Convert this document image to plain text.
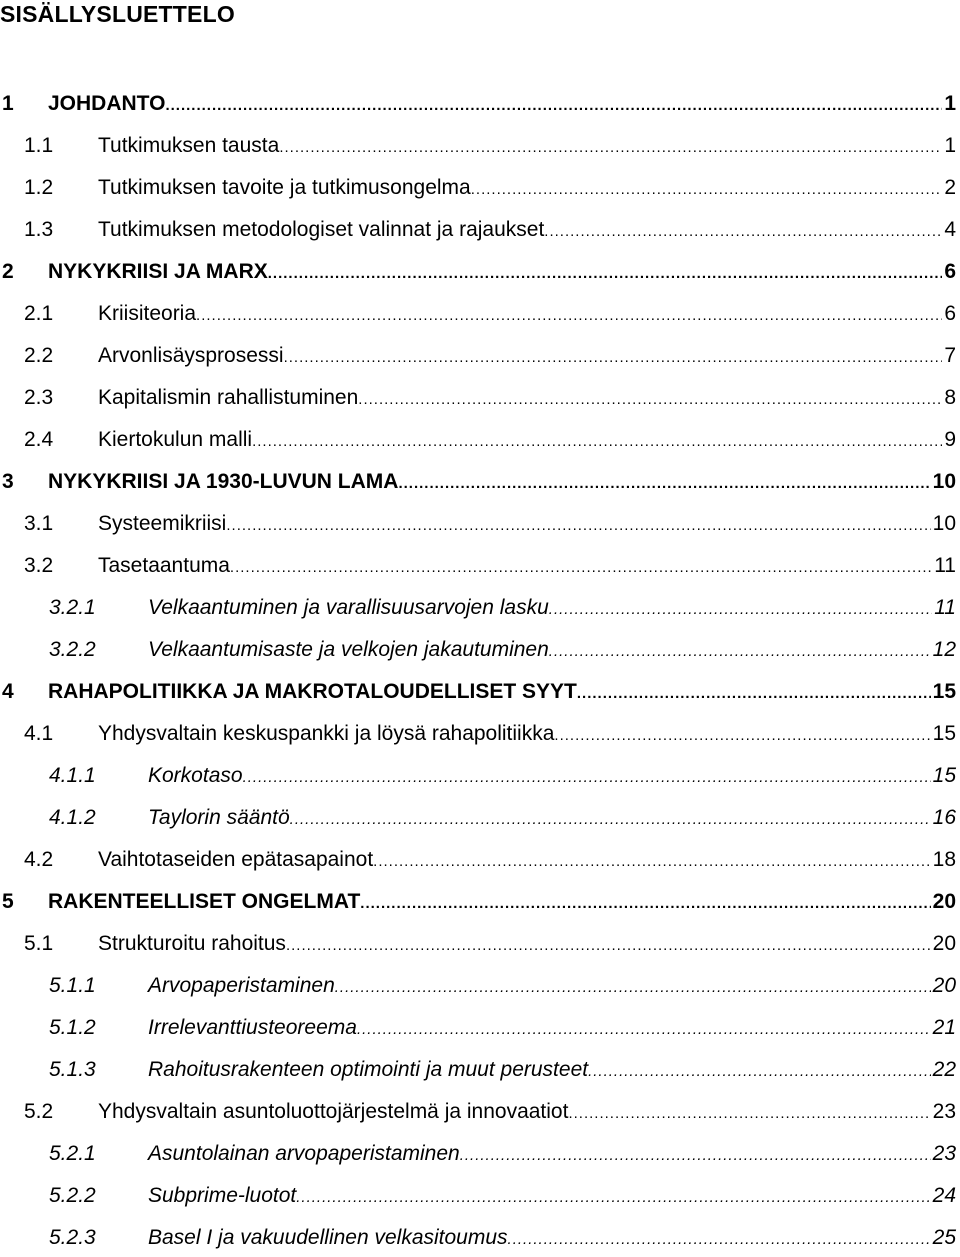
SISÄLLYSLUETTELO
1 JOHDANTO .....	1
1.1 Tutkimuksen tausta .....	1
1.2 Tutkimuksen tavoite ja tutkimusongelma .....	2
1.3 Tutkimuksen metodologiset valinnat ja rajaukset .....	4
2 NYKYKRIISI JA MARX .....	6
2.1 Kriisiteoria .....	6
2.2 Arvonlisäysprosessi .....	7
2.3 Kapitalismin rahallistuminen .....	8
2.4 Kiertokulun malli .....	9
3 NYKYKRIISI JA 1930-LUVUN LAMA .....	10
3.1 Systeemikriisi .....	10
3.2 Tasetaantuma .....	11
3.2.1 Velkaantuminen ja varallisuusarvojen lasku .....	11
3.2.2 Velkaantumisaste ja velkojen jakautuminen .....	12
4 RAHAPOLITIIKKA JA MAKROTALOUDELLISET SYYT .....	15
4.1 Yhdysvaltain keskuspankki ja löysä rahapolitiikka .....	15
4.1.1 Korkotaso .....	15
4.1.2 Taylorin sääntö .....	16
4.2 Vaihtotaseiden epätasapainot .....	18
5 RAKENTEELLISET ONGELMAT .....	20
5.1 Strukturoitu rahoitus .....	20
5.1.1 Arvopaperistaminen .....	20
5.1.2 Irrelevanttiusteoreema .....	21
5.1.3 Rahoitusrakenteen optimointi ja muut perusteet .....	22
5.2 Yhdysvaltain asuntoluottojärjestelmä ja innovaatiot .....	23
5.2.1 Asuntolainan arvopaperistaminen .....	23
5.2.2 Subprime-luotot .....	24
5.2.3 Basel I ja vakuudellinen velkasitoumus .....	25
